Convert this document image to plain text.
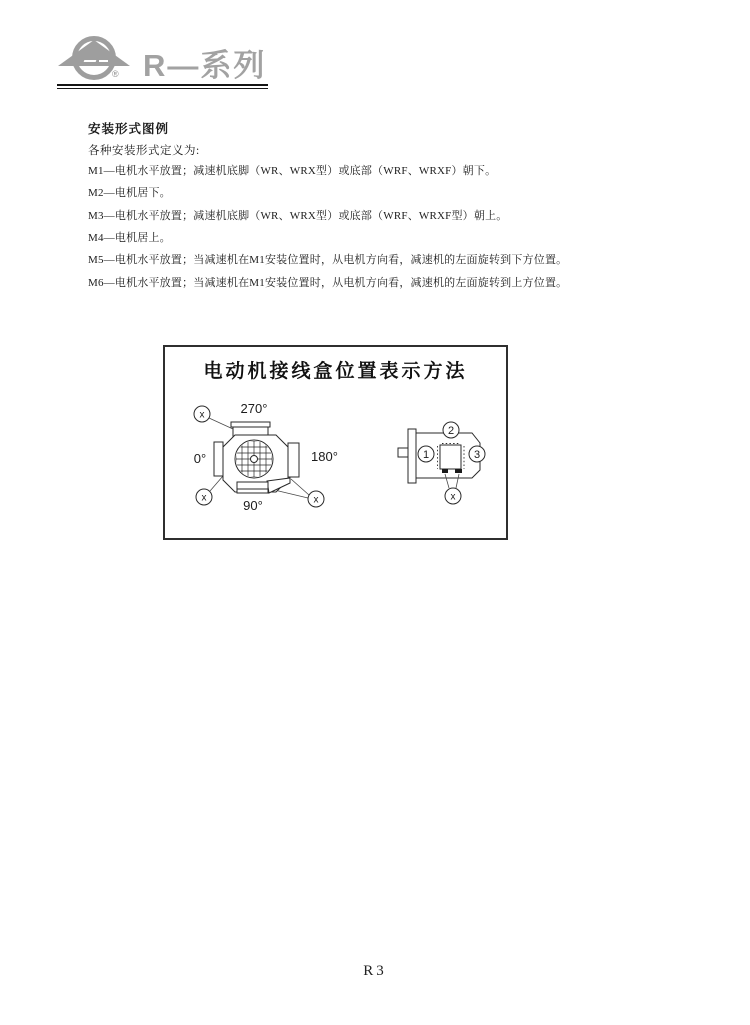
® R—系列
安装形式图例
各种安装形式定义为:
M1—电机水平放置；减速机底脚（WR、WRX型）或底部（WRF、WRXF）朝下。
M2—电机居下。
M3—电机水平放置；减速机底脚（WR、WRX型）或底部（WRF、WRXF型）朝上。
M4—电机居上。
M5—电机水平放置；当减速机在M1安装位置时，从电机方向看，减速机的左面旋转到下方位置。
M6—电机水平放置；当减速机在M1安装位置时，从电机方向看，减速机的左面旋转到上方位置。
270°
0°	180°
90°
x
x	x
1
2
3
x
电动机接线盒位置表示方法
R3
